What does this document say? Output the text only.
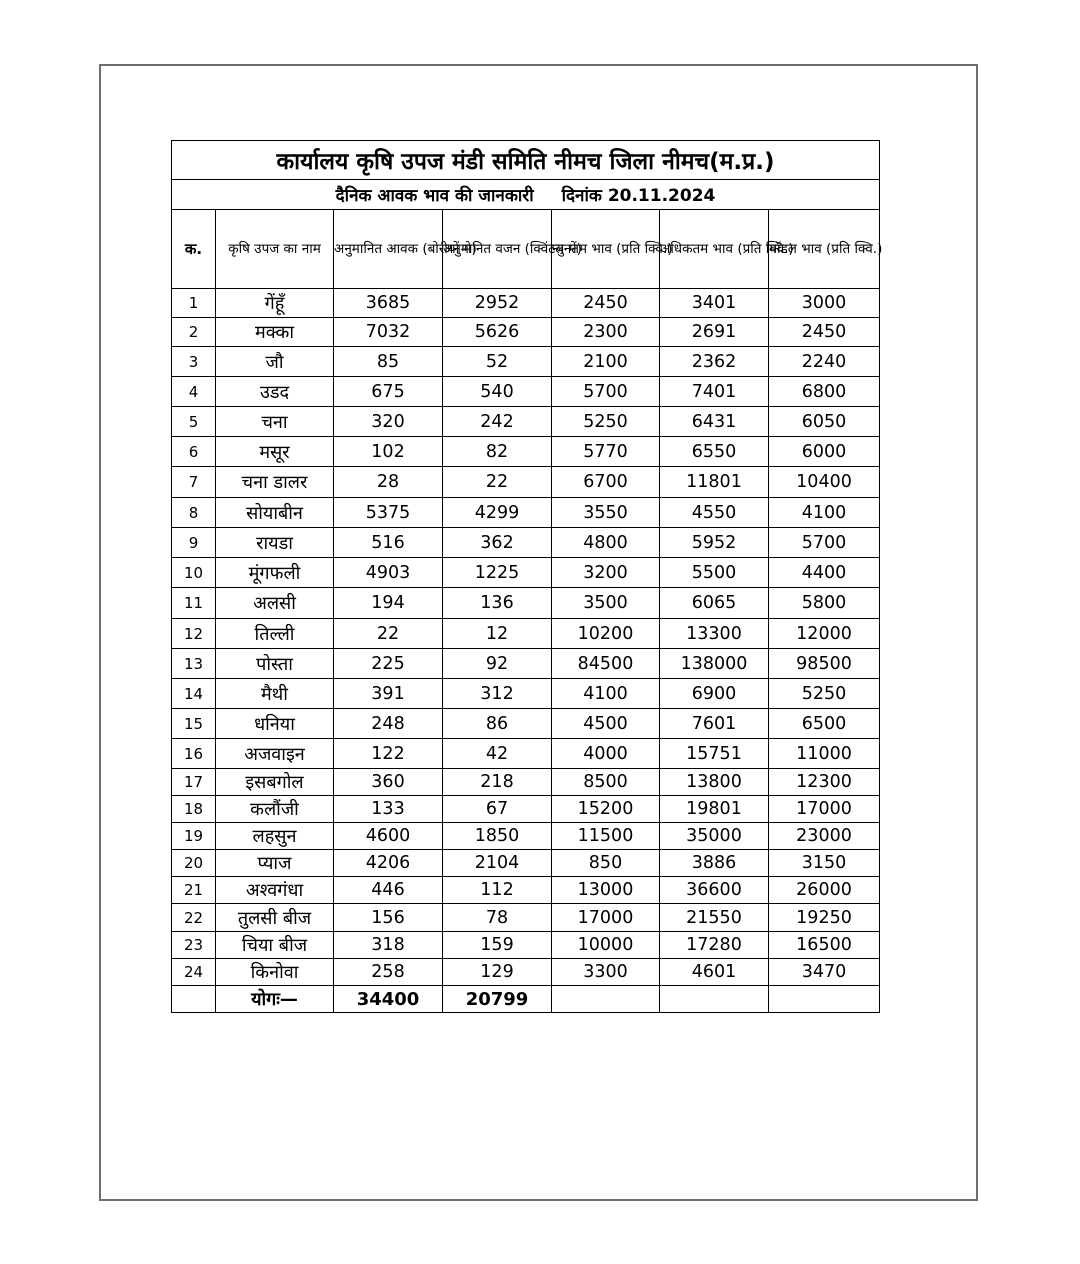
कार्यालय कृषि उपज मंडी समिति नीमच जिला नीमच(म.प्र.)						
दैनिक आवक भाव की जानकारी दिनांक 20.11.2024						
क.	कृषि उपज का नाम	अनुमानित आवक (बोरीयों मे)	अनुमानित वजन (क्विंटल में)	न्युनतम भाव (प्रति क्वि.)	अधिकतम भाव (प्रति क्वि.)	मॉडल भाव (प्रति क्वि.)
1	गेंहूँ	3685	2952	2450	3401	3000
2	मक्का	7032	5626	2300	2691	2450
3	जौ	85	52	2100	2362	2240
4	उडद	675	540	5700	7401	6800
5	चना	320	242	5250	6431	6050
6	मसूर	102	82	5770	6550	6000
7	चना डालर	28	22	6700	11801	10400
8	सोयाबीन	5375	4299	3550	4550	4100
9	रायडा	516	362	4800	5952	5700
10	मूंगफली	4903	1225	3200	5500	4400
11	अलसी	194	136	3500	6065	5800
12	तिल्ली	22	12	10200	13300	12000
13	पोस्ता	225	92	84500	138000	98500
14	मैथी	391	312	4100	6900	5250
15	धनिया	248	86	4500	7601	6500
16	अजवाइन	122	42	4000	15751	11000
17	इसबगोल	360	218	8500	13800	12300
18	कलौंजी	133	67	15200	19801	17000
19	लहसुन	4600	1850	11500	35000	23000
20	प्याज	4206	2104	850	3886	3150
21	अश्वगंधा	446	112	13000	36600	26000
22	तुलसी बीज	156	78	17000	21550	19250
23	चिया बीज	318	159	10000	17280	16500
24	किनोवा	258	129	3300	4601	3470
	योगः—	34400	20799			
